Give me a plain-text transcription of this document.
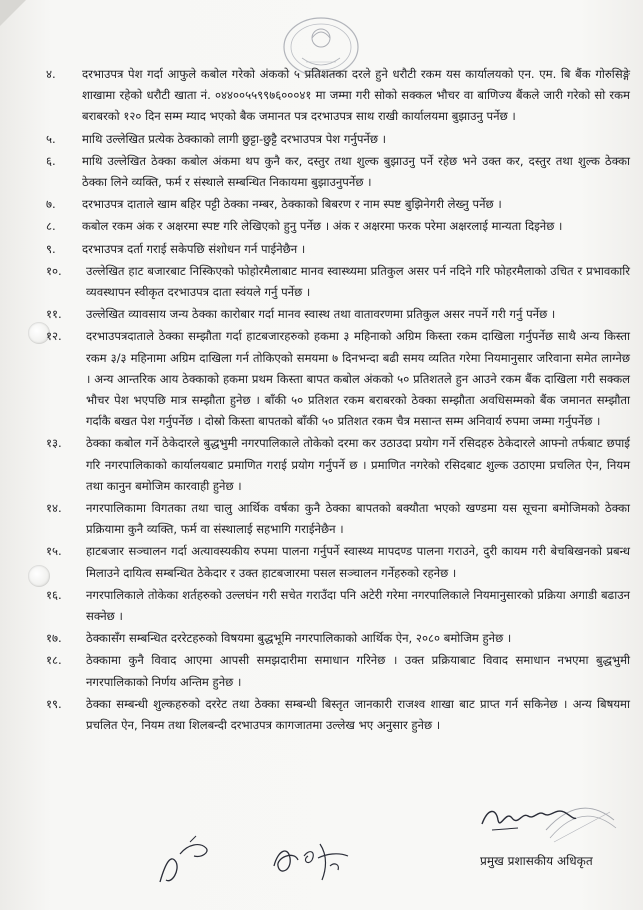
४.	दरभाउपत्र पेश गर्दा आफुले कबोल गरेको अंकको ५ प्रतिशतका दरले हुने धरौटी रकम यस कार्यालयको एन. एम. बि बैंक गोरुसिङ्गे शाखामा रहेको धरौटी खाता नं. ०४४००५५९९७६०००४१ मा जम्मा गरी सोको सक्कल भौचर वा बाणिज्य बैंकले जारी गरेको सो रकम बराबरको १२० दिन सम्म म्याद भएको बैक जमानत पत्र दरभाउपत्र साथ राखी कार्यालयमा बुझाउनु पर्नेछ ।
५.	माथि उल्लेखित प्रत्येक ठेक्काको लागी छुट्टा-छुट्टै दरभाउपत्र पेश गर्नुपर्नेछ ।
६.	माथि उल्लेखित ठेक्का कबोल अंकमा थप कुनै कर, दस्तुर तथा शुल्क बुझाउनु पर्ने रहेछ भने उक्त कर, दस्तुर तथा शुल्क ठेक्का ठेक्का लिने व्यक्ति, फर्म र संस्थाले सम्बन्धित निकायमा बुझाउनुपर्नेछ ।
७.	दरभाउपत्र दाताले खाम बहिर पट्टी ठेक्का नम्बर, ठेक्काको बिबरण र नाम स्पष्ट बुझिनेगरी लेख्नु पर्नेछ ।
८.	कबोल रकम अंक र अक्षरमा स्पष्ट गरि लेखिएको हुनु पर्नेछ । अंक र अक्षरमा फरक परेमा अक्षरलाई मान्यता दिइनेछ ।
९.	दरभाउपत्र दर्ता गराई सकेपछि संशोधन गर्न पाईनेछैन ।
१०.	उल्लेखित हाट बजारबाट निस्किएको फोहोरमैलाबाट मानव स्वास्थ्यमा प्रतिकुल असर पर्न नदिने गरि फोहरमैलाको उचित र प्रभावकारि व्यवस्थापन स्वीकृत दरभाउपत्र दाता स्वंयले गर्नु पर्नेछ ।
११.	उल्लेखित व्यावसाय जन्य ठेक्का कारोबार गर्दा मानव स्वास्थ तथा वातावरणमा प्रतिकुल असर नपर्ने गरी गर्नु पर्नेछ ।
१२.	दरभाउपत्रदाताले ठेक्का सम्झौता गर्दा हाटबजारहरुको हकमा ३ महिनाको अग्रिम किस्ता रकम दाखिला गर्नुपर्नेछ साथै अन्य किस्ता रकम ३/३ महिनामा अग्रिम दाखिला गर्न तोकिएको समयमा ७ दिनभन्दा बढी समय व्यतित गरेमा नियमानुसार जरिवाना समेत लाग्नेछ । अन्य आन्तरिक आय ठेक्काको हकमा प्रथम किस्ता बापत कबोल अंकको ५० प्रतिशतले हुन आउने रकम बैंक दाखिला गरी सक्कल भौचर पेश भएपछि मात्र सम्झौता हुनेछ । बाँकी ५० प्रतिशत रकम बराबरको ठेक्का सम्झौता अवधिसम्मको बैंक जमानत सम्झौता गर्दाकै बखत पेश गर्नुपर्नेछ । दोस्रो किस्ता बापतको बाँकी ५० प्रतिशत रकम चैत्र मसान्त सम्म अनिवार्य रुपमा जम्मा गर्नुपर्नेछ ।
१३.	ठेक्का कबोल गर्ने ठेकेदारले बुद्धभुमी नगरपालिकाले तोकेको दरमा कर उठाउदा प्रयोग गर्ने रसिदहरु ठेकेदारले आफ्नो तर्फबाट छपाई गरि नगरपालिकाको कार्यालयबाट प्रमाणित गराई प्रयोग गर्नुपर्ने छ । प्रमाणित नगरेको रसिदबाट शुल्क उठाएमा प्रचलित ऐन, नियम तथा कानुन बमोजिम कारवाही हुनेछ ।
१४.	नगरपालिकामा विगतका तथा चालु आर्थिक वर्षका कुनै ठेक्का बापतको बक्यौता भएको खण्डमा यस सूचना बमोजिमको ठेक्का प्रक्रियामा कुनै व्यक्ति, फर्म वा संस्थालाई सहभागि गराईनेछैन ।
१५.	हाटबजार सञ्चालन गर्दा अत्यावस्यकीय रुपमा पालना गर्नुपर्ने स्वास्थ्य मापदण्ड पालना गराउने, दुरी कायम गरी बेचबिखनको प्रबन्ध मिलाउने दायित्व सम्बन्धित ठेकेदार र उक्त हाटबजारमा पसल सञ्चालन गर्नेहरुको रहनेछ ।
१६.	नगरपालिकाले तोकेका शर्तहरुको उल्लघंन गरी सचेत गराउँदा पनि अटेरी गरेमा नगरपालिकाले नियमानुसारको प्रक्रिया अगाडी बढाउन सक्नेछ ।
१७.	ठेक्कासँग सम्बन्धित दररेटहरुको विषयमा बुद्धभूमि नगरपालिकाको आर्थिक ऐन, २०८० बमोजिम हुनेछ ।
१८.	ठेक्कामा कुनै विवाद आएमा आपसी समझदारीमा समाधान गरिनेछ । उक्त प्रक्रियाबाट विवाद समाधान नभएमा बुद्धभुमी नगरपालिकाको निर्णय अन्तिम हुनेछ ।
१९.	ठेक्का सम्बन्धी शुल्कहरुको दररेट तथा ठेक्का सम्बन्धी बिस्तृत जानकारी राजश्व शाखा बाट प्राप्त गर्न सकिनेछ । अन्य बिषयमा प्रचलित ऐन, नियम तथा शिलबन्दी दरभाउपत्र कागजातमा उल्लेख भए अनुसार हुनेछ ।
प्रमुख प्रशासकीय अधिकृत
